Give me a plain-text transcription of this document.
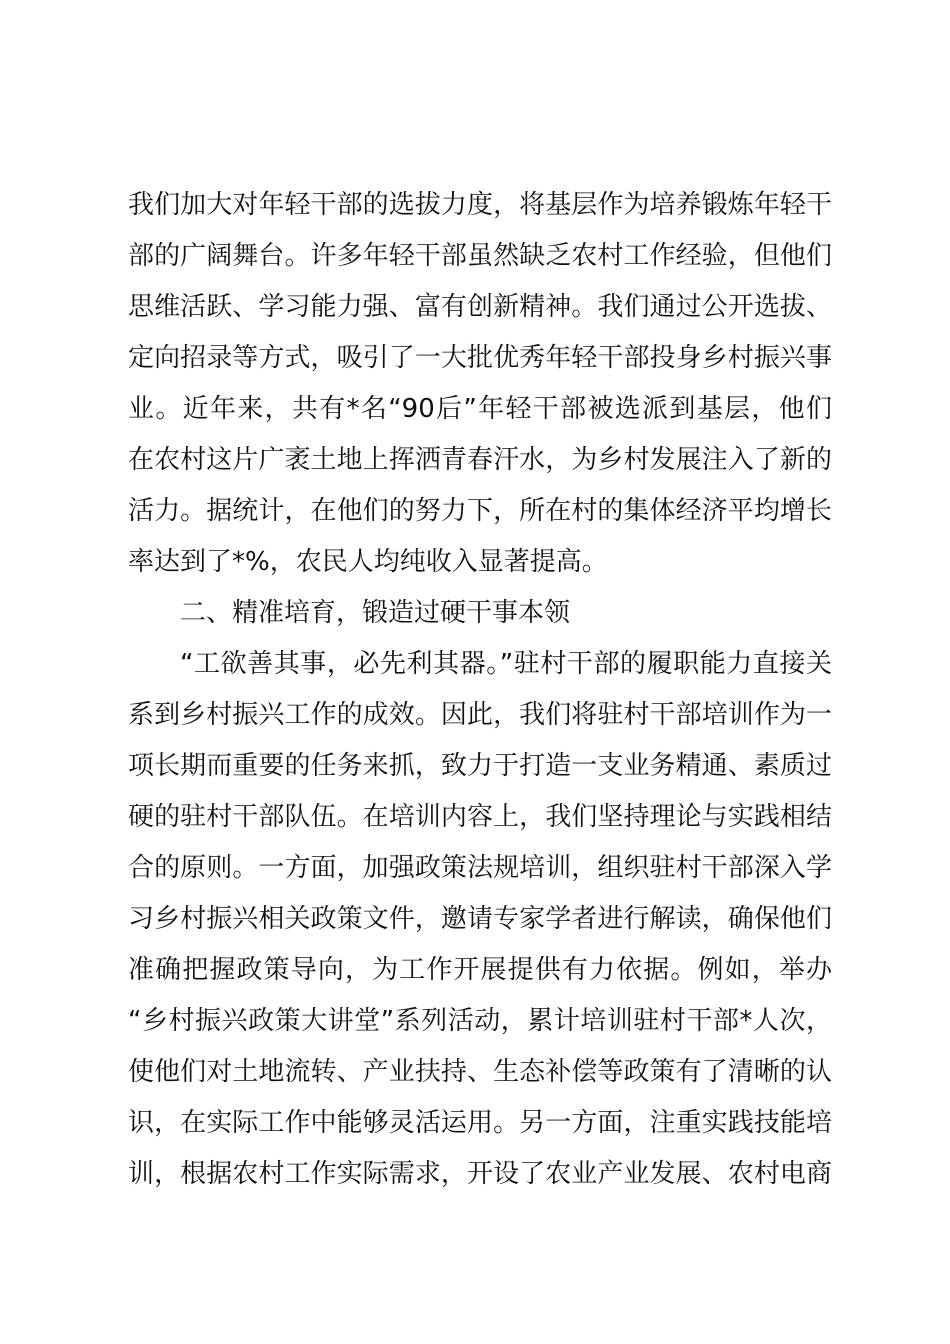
我们加大对年轻干部的选拔力度，将基层作为培养锻炼年轻干
部的广阔舞台。许多年轻干部虽然缺乏农村工作经验，但他们
思维活跃、学习能力强、富有创新精神。我们通过公开选拔、
定向招录等方式，吸引了一大批优秀年轻干部投身乡村振兴事
业。近年来，共有*名“90后”年轻干部被选派到基层，他们
在农村这片广袤土地上挥洒青春汗水，为乡村发展注入了新的
活力。据统计，在他们的努力下，所在村的集体经济平均增长
率达到了*%，农民人均纯收入显著提高。
二、精准培育，锻造过硬干事本领
“工欲善其事，必先利其器。”驻村干部的履职能力直接关
系到乡村振兴工作的成效。因此，我们将驻村干部培训作为一
项长期而重要的任务来抓，致力于打造一支业务精通、素质过
硬的驻村干部队伍。在培训内容上，我们坚持理论与实践相结
合的原则。一方面，加强政策法规培训，组织驻村干部深入学
习乡村振兴相关政策文件，邀请专家学者进行解读，确保他们
准确把握政策导向，为工作开展提供有力依据。例如，举办
“乡村振兴政策大讲堂”系列活动，累计培训驻村干部*人次，
使他们对土地流转、产业扶持、生态补偿等政策有了清晰的认
识，在实际工作中能够灵活运用。另一方面，注重实践技能培
训，根据农村工作实际需求，开设了农业产业发展、农村电商
